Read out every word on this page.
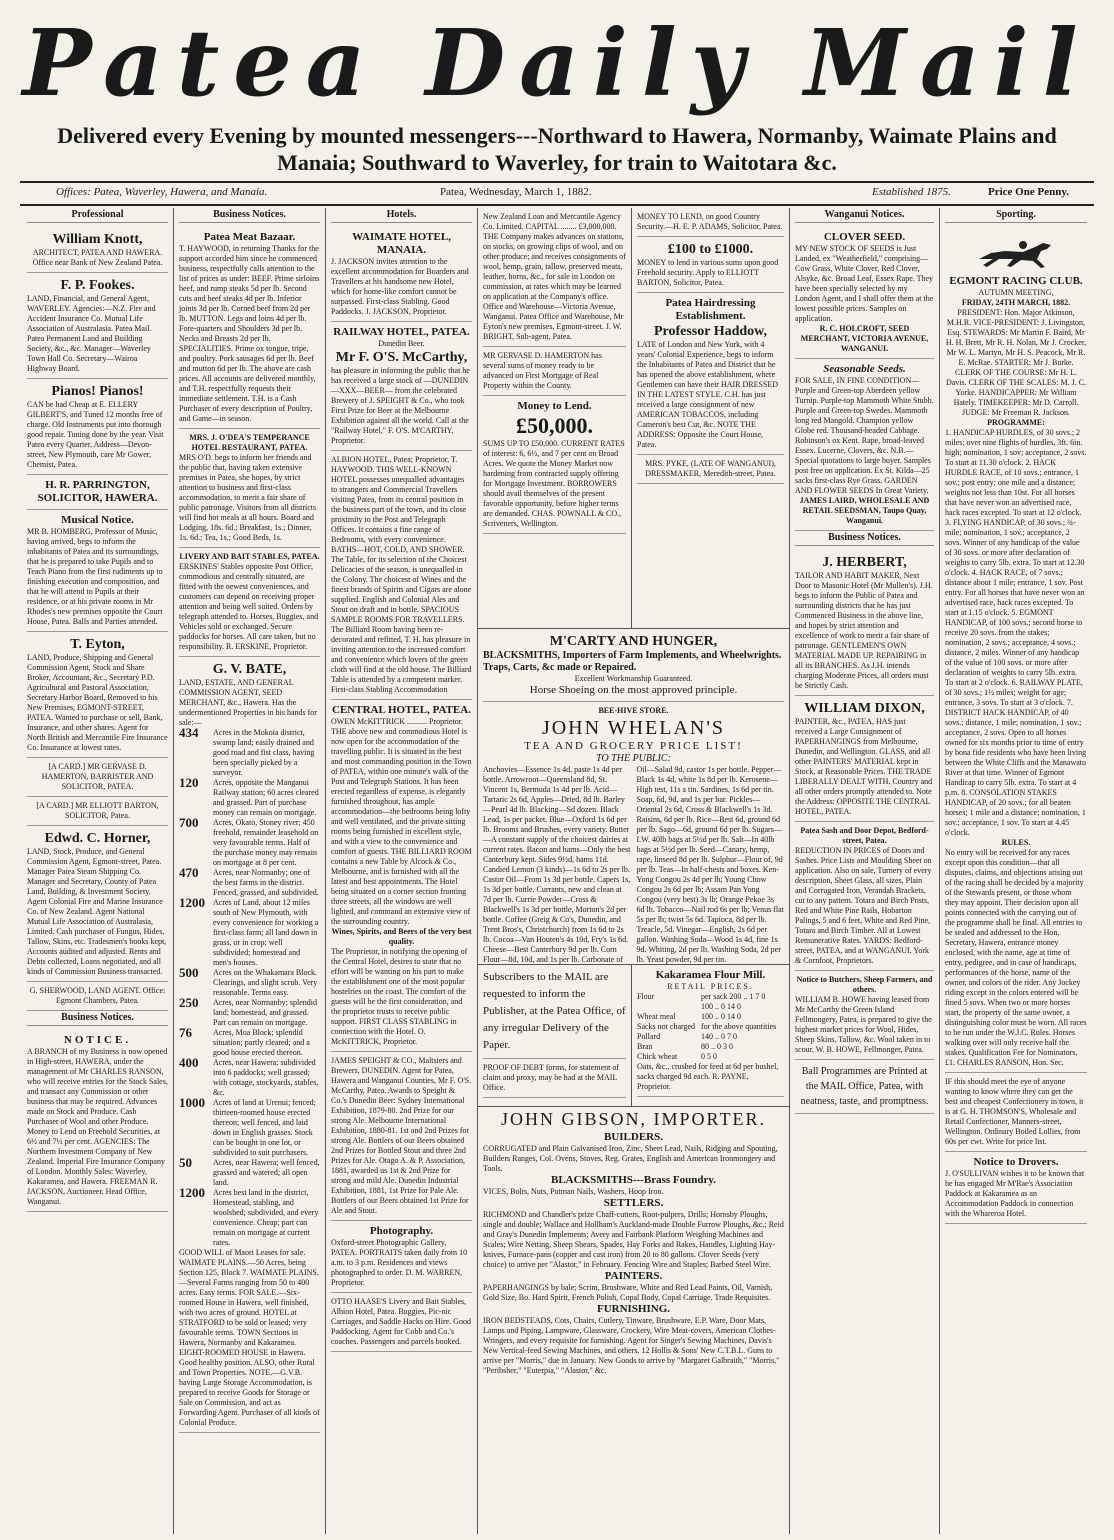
Patea Daily Mail

Delivered every Evening by mounted messengers---Northward to Hawera, Normanby, Waimate Plains and Manaia; Southward to Waverley, for train to Waitotara &c.

Offices: Patea, Waverley, Hawera, and Manaia.	Patea, Wednesday, March 1, 1882.	Established 1875.	Price One Penny.
Professional
William Knott,
ARCHITECT, PATEA AND HAWERA.
Office near Bank of New Zealand Patea.
F. P. Fookes.
LAND, Financial, and General Agent, WAVERLEY. Agencies:—N.Z. Fire and Accident Insurance Co. Mutual Life Association of Australasia. Patea Mail. Patea Permanent Land and Building Society, &c., &c. Manager—Waverley Town Hall Co. Secretary—Wairoa Highway Board.
Pianos! Pianos!
CAN be had Cheap at E. ELLERY GILBERT'S, and Tuned 12 months free of charge. Old Instruments put into thorough good repair. Tuning done by the year. Visit Patea every Quarter. Address—Devon-street, New Plymouth, care Mr Gower, Chemist, Patea.
H. R. PARRINGTON, SOLICITOR, HAWERA.
Musical Notice.
MR B. HOMBERG, Professor of Music, having arrived, begs to inform the inhabitants of Patea and its surroundings, that he is prepared to take Pupils and to Teach Piano from the first rudiments up to finishing execution and composition, and that he will attend to Pupils at their residence, or at his private rooms in Mr Rhodes's new premises opposite the Court House, Patea. Balls and Parties attended.
T. Eyton,
LAND, Produce, Shipping and General Commission Agent, Stock and Share Broker, Accountant, &c., Secretary P.D. Agricultural and Pastoral Association, Secretary Harbor Board, Removed to his New Premises, EGMONT-STREET, PATEA. Wanted to purchase or sell, Bank, Insurance, and other shares. Agent for North British and Mercantile Fire Insurance Co. Insurance at lowest rates.
[A CARD.] MR GERVASE D. HAMERTON, BARRISTER AND SOLICITOR, PATEA.
[A CARD.] MR ELLIOTT BARTON, SOLICITOR, Patea.
Edwd. C. Horner,
LAND, Stock, Produce, and General Commission Agent, Egmont-street, Patea. Manager Patea Steam Shipping Co. Manager and Secretary, County of Patea Land, Building, & Investment Society. Agent Colonial Fire and Marine Insurance Co. of New Zealand. Agent National Mutual Life Association of Australasia, Limited. Cash purchaser of Fungus, Hides, Tallow, Skins, etc. Tradesmen's books kept, Accounts audited and adjusted. Rents and Debts collected, Loans negotiated, and all kinds of Commission Business transacted.
G. SHERWOOD, LAND AGENT. Office: Egmont Chambers, Patea.
Business Notices.
NOTICE.
A BRANCH of my Business is now opened in High-street, HAWERA, under the management of Mr CHARLES RANSON, who will receive entries for the Stock Sales, and transact any Commission or other business that may be required. Advances made on Stock and Produce. Cash Purchaser of Wool and other Produce. Money to Lend on Freehold Securities, at 6½ and 7½ per cent. AGENCIES: The Northern Investment Company of New Zealand. Imperial Fire Insurance Company of London. Monthly Sales: Waverley, Kakaramea, and Hawera. FREEMAN R. JACKSON, Auctioneer. Head Office, Wanganui.
Business Notices.
Patea Meat Bazaar.
T. HAYWOOD, in returning Thanks for the support accorded him since he commenced business, respectfully calls attention to the list of prices as under: BEEF. Prime sirloins beef, and rump steaks 5d per lb. Second cuts and beef steaks 4d per lb. Inferior joints 3d per lb. Corned beef from 2d per lb. MUTTON. Legs and loins 4d per lb. Fore-quarters and Shoulders 3d per lb. Necks and Breasts 2d per lb. SPECIALITIES. Prime ox tongue, tripe, and poultry. Pork sausages 6d per lb. Beef and mutton 6d per lb. The above are cash prices. All accounts are delivered monthly, and T.H. respectfully requests their immediate settlement. T.H. is a Cash Purchaser of every description of Poultry, and Game—in season.
MRS. J. O'DEA'S TEMPERANCE HOTEL RESTAURANT, PATEA.
MRS O'D. begs to inform her friends and the public that, having taken extensive premises in Patea, she hopes, by strict attention to business and first-class accommodation, to merit a fair share of public patronage. Visitors from all districts will find hot meals at all hours. Board and Lodging, 18s. 6d.; Breakfast, 1s.; Dinner, 1s. 6d.; Tea, 1s.; Good Beds, 1s.
LIVERY AND BAIT STABLES, PATEA.
ERSKINES' Stables opposite Post Office, commodious and centrally situated, are fitted with the newest conveniences, and customers can depend on receiving proper attention and being well suited. Orders by telegraph attended to. Horses, Buggies, and Vehicles sold or exchanged. Secure paddocks for horses. All care taken, but no responsibility. R. ERSKINE, Proprietor.
G. V. BATE,
LAND, ESTATE, AND GENERAL COMMISSION AGENT, SEED MERCHANT, &c., Hawera. Has the undermentioned Properties in his hands for sale:—
434	Acres in the Mokoia district, swamp land; easily drained and good road and fist class, having been specially picked by a surveyor.
120	Acres, opposite the Manganui Railway station; 60 acres cleared and grassed. Part of purchase money can remain on mortgage.
700	Acres, Okato, Stoney river; 450 freehold, remainder leasehold on very favourable terms. Half of the purchase money may remain on mortgage at 8 per cent.
470	Acres, near Normanby; one of the best farms in the district. Fenced, grassed, and subdivided.
1200	Acres of Land, about 12 miles south of New Plymouth, with every convenience for working a first-class farm; all land down in grass, or in crop; well subdivided; homestead and men's houses.
500	Acres on the Whakamara Block. Clearings, and slight scrub. Very reasonable. Terms easy.
250	Acres, near Normanby; splendid land; homestead, and grassed. Part can remain on mortgage.
76	Acres, Moa Block; splendid situation; partly cleared; and a good house erected thereon.
400	Acres, near Hawera; subdivided into 6 paddocks; well grassed; with cottage, stockyards, stables, &c.
1000	Acres of land at Urenui; fenced; thirteen-roomed house erected thereon; well fenced, and laid down in English grasses. Stock can be bought in one lot, or subdivided to suit purchasers.
50	Acres, near Hawera; well fenced, grassed and watered; all open land.
1200	Acres best land in the district, Homestead, stabling, and woolshed; subdivided, and every convenience. Cheap; part can remain on mortgage at current rates.
GOOD WILL of Maori Leases for sale. WAIMATE PLAINS.—50 Acres, being Section 125, Block 7. WAIMATE PLAINS.—Several Farms ranging from 50 to 400 acres. Easy terms. FOR SALE.—Six-roomed House in Hawera, well finished, with two acres of ground. HOTEL at STRATFORD to be sold or leased; very favourable terms. TOWN Sections in Hawera, Normanby and Kakaramea. EIGHT-ROOMED HOUSE in Hawera. Good healthy position. ALSO, other Rural and Town Properties. NOTE.—G.V.B. having Large Storage Accommodation, is prepared to receive Goods for Storage or Sale on Commission, and act as Forwarding Agent. Purchaser of all kinds of Colonial Produce.
Hotels.
WAIMATE HOTEL, MANAIA.
J. JACKSON invites attention to the excellent accommodation for Boarders and Travellers at his handsome new Hotel, which for home-like comfort cannot be surpassed. First-class Stabling. Good Paddocks. J. JACKSON, Proprietor.
RAILWAY HOTEL, PATEA.
Dunedin Beer.
Mr F. O'S. McCarthy,
has pleasure in informing the public that he has received a large stock of —DUNEDIN—XXX—BEER— from the celebrated Brewery of J. SPEIGHT & Co., who took First Prize for Beer at the Melbourne Exhibition against all the world. Call at the "Railway Hotel," F. O'S. M'CARTHY, Proprietor.
ALBION HOTEL, Patea; Proprietor, T. HAYWOOD. THIS WELL-KNOWN HOTEL possesses unequalled advantages to strangers and Commercial Travellers visiting Patea, from its central position in the business part of the town, and its close proximity to the Post and Telegraph Offices. It contains a fine range of Bedrooms, with every convenience. BATHS—HOT, COLD, AND SHOWER. The Table, for its selection of the Choicest Delicacies of the season, is unequalled in the Colony. The choicest of Wines and the finest brands of Spirits and Cigars are alone supplied. English and Colonial Ales and Stout on draft and in bottle. SPACIOUS SAMPLE ROOMS FOR TRAVELLERS. The Billiard Room having been re-decorated and refitted, T. H. has pleasure in inviting attention to the increased comfort and convenience which lovers of the green cloth will find at the old house. The Billiard Table is attended by a competent marker. First-class Stabling Accommodation
CENTRAL HOTEL, PATEA.
OWEN McKITTRICK .......... Proprietor. THE above new and commodious Hotel is now open for the accommodation of the travelling public. It is situated in the best and most commanding position in the Town of PATEA, within one minute's walk of the Post and Telegraph Stations. It has been erected regardless of expense, is elegantly furnished throughout, has ample accommodation—the bedrooms being lofty and well ventilated, and the private sitting rooms being furnished in excellent style, and with a view to the convenience and comfort of guests. THE BILLIARD ROOM contains a new Table by Alcock & Co., Melbourne, and is furnished with all the latest and best appointments. The Hotel being situated on a corner section fronting three streets, all the windows are well lighted, and command an extensive view of the surrounding country.
Wines, Spirits, and Beers of the very best quality.
The Proprietor, in notifying the opening of the Central Hotel, desires to state that no effort will be wanting on his part to make the establishment one of the most popular hostelries on the coast. The comfort of the guests will be the first consideration, and the proprietor trusts to receive public support. FIRST CLASS STABLING in connection with the Hotel. O. McKITTRICK, Proprietor.
JAMES SPEIGHT & CO., Maltsters and Brewers, DUNEDIN. Agent for Patea, Hawera and Wanganui Counties, Mr F. O'S. McCarthy, Patea. Awards to Speight & Co.'s Dunedin Beer: Sydney International Exhibition, 1879-80. 2nd Prize for our strong Ale. Melbourne International Exhibition, 1880-81. 1st and 2nd Prizes for strong Ale. Bottlers of our Beers obtained 2nd Prizes for Bottled Stout and three 2nd Prizes for Ale. Otago A. & P. Association, 1881, awarded us 1st & 2nd Prize for strong and mild Ale. Dunedin Industrial Exhibition, 1881, 1st Prize for Pale Ale. Bottlers of our Beers obtained 1st Prize for Ale and Stout.
Photography.
Oxford-street Photographic Gallery, PATEA. PORTRAITS taken daily from 10 a.m. to 3 p.m. Residences and views photographed to order. D. M. WARREN, Proprietor.
OTTO HAASE'S Livery and Bait Stables, Albion Hotel, Patea. Buggies, Pic-nic Carriages, and Saddle Hacks on Hire. Good Paddocking. Agent for Cobb and Co.'s coaches. Passengers and parcels booked.
New Zealand Loan and Mercantile Agency Co. Limited. CAPITAL ........ £3,000,000. THE Company makes advances on stations, on stocks, on growing clips of wool, and on other produce; and receives consignments of wool, hemp, grain, tallow, preserved meats, leather, horns, &c., for sale in London on commission, at rates which may be learned on application at the Company's office. Office and Warehouse—Victoria Avenue, Wanganui. Patea Office and Warehouse, Mr Eyton's new premises, Egmont-street. J. W. BRIGHT, Sub-agent, Patea.
MR GERVASE D. HAMERTON has several sums of money ready to be advanced on First Mortgage of Real Property within the County.
Money to Lend.
£50,000.
SUMS UP TO £50,000. CURRENT RATES of interest: 6, 6½, and 7 per cent on Broad Acres. We quote the Money Market now hardening from contracted supply offering for Mortgage Investment. BORROWERS should avail themselves of the present favorable opportunity, before higher terms are demanded. CHAS. POWNALL & CO., Scriveners, Wellington.
MONEY TO LEND, on good Country Security.—H. E. P. ADAMS, Solicitor, Patea.
£100 to £1000.
MONEY to lend in various sums upon good Freehold security. Apply to ELLIOTT BARTON, Solicitor, Patea.
Patea Hairdressing Establishment.
Professor Haddow,
LATE of London and New York, with 4 years' Colonial Experience, begs to inform the Inhabitants of Patea and District that he has opened the above establishment, where Gentlemen can have their HAIR DRESSED IN THE LATEST STYLE. C.H. has just received a large consignment of new AMERICAN TOBACCOS, including Cameron's best Cut, &c. NOTE THE ADDRESS: Opposite the Court House, Patea.
MRS. PYKE, (LATE OF WANGANUI), DRESSMAKER, Meredith-street, Patea.
M'CARTY AND HUNGER,
BLACKSMITHS, Importers of Farm Implements, and Wheelwrights. Traps, Carts, &c made or Repaired.
Excellent Workmanship Guaranteed.
Horse Shoeing on the most approved principle.
BEE-HIVE STORE.
JOHN WHELAN'S
TEA AND GROCERY PRICE LIST!
TO THE PUBLIC:
Anchovies—Essence 1s 4d, paste 1s 4d per bottle. Arrowroot—Queensland 8d, St. Vincent 1s, Bermuda 1s 4d per lb. Acid—Tartaric 2s 6d, Apples—Dried, 8d lb. Barley—Pearl 4d lb. Blacking—Sd dozen. Black Lead, 1s per packet. Blue—Oxford 1s 6d per lb. Brooms and Brushes, every variety. Butter—A constant supply of the choicest dairies at current rates. Bacon and hams—Only the best Canterbury kept. Sides 9½d, hams 11d. Candied Lemon (3 kinds)—1s 6d to 2s per lb. Castor Oil—From 1s 3d per bottle. Capers 1s, 1s 3d per bottle. Currants, new and clean at 7d per lb. Currie Powder—Cross & Blackwell's 1s 3d per bottle, Morton's 2d per bottle. Coffee (Greig & Co's, Dunedin, and Trent Bros's, Christchurch) from 1s 6d to 2s lb. Cocoa—Van Houten's 4s 10d, Fry's 1s 6d. Cheese—Best Canterbury 9d per lb. Corn Flour—8d, 10d, and 1s per lb. Carbonate of
Oil—Salad 9d, castor 1s per bottle. Pepper—Black 1s 4d, white 1s 8d per lb. Kerosene—High test, 11s a tin. Sardines, 1s 6d per tin. Soap, 6d, 9d, and 1s per bar. Pickles—Oriental 2s 6d, Cross & Blackwell's 1s 3d. Raisins, 6d per lb. Rice—Best 6d, ground 6d per lb. Sago—6d, ground 6d per lb. Sugars—I.W. 40lb bags at 5½d per lb. Salt—In 40lb bags at 5½d per lb. Seed—Canary, hemp, rape, linseed 8d per lb. Sulphur—Flour of, 9d per lb. Teas—In half-chests and boxes. Ken-Yong Congou 2s 4d per lb; Young Chow Congou 2s 6d per lb; Assam Pan Yong Congou (very best) 3s lb; Orange Pekoe 3s 6d lb. Tobacco—Nail rod 6s per lb; Venus flat 5s per lb; twist 5s 6d. Tapioca, 8d per lb. Treacle, 5d. Vinegar—English, 2s 6d per gallon. Washing Soda—Wood 1s 4d, fine 1s 9d. Whiting, 2d per lb. Washing Soda, 2d per lb. Yeast powder, 9d per tin.
Subscribers to the MAIL are requested to inform the Publisher, at the Patea Office, of any irregular Delivery of the Paper.
PROOF OF DEBT forms, for statement of claim and proxy, may be had at the MAIL Office.
Kakaramea Flour Mill.
RETAIL PRICES.
Flour	per sack 200 .. 1 7 0
	100 .. 0 14 0
Wheat meal	100 .. 0 14 0
Sacks not charged	for the above quantities
Pollard	140 .. 0 7 0
Bran	80 .. 0 3 0
Chick wheat	0 5 0
Oats, &c., crushed for feed at 6d per bushel, sacks charged 9d each. R. PAYNE, Proprietor.
JOHN GIBSON, IMPORTER.
BUILDERS.
CORRUGATED and Plain Galvanised Iron, Zinc, Sheet Lead, Nails, Ridging and Spouting, Builders Ranges, Col. Ovens, Stoves, Reg. Grates, English and American Ironmongery and Tools.
BLACKSMITHS---Brass Foundry.
VICES, Bolts, Nuts, Putman Nails, Washers, Hoop Iron.
SETTLERS.
RICHMOND and Chandler's prize Chaff-cutters, Root-pulpers, Drills; Hornsby Ploughs, single and double; Wallace and Hollham's Auckland-made Double Furrow Ploughs, &c.; Reid and Gray's Dunedin Implements; Avery and Fairbank Platform Weighing Machines and Scales; Wire Netting, Sheep Shears, Spades, Hay Forks and Rakes, Handles, Lighting Hay-knives, Furnace-pans (copper and cast iron) from 20 to 80 gallons. Clover Seeds (very choice) to arrive per "Alastor," in February. Fencing Wire and Staples; Barbed Steel Wire.
PAINTERS.
PAPERHANGINGS by bale; Scrim, Brushware, White and Red Lead Paints, Oil, Varnish, Gold Size, Bo. Hard Spirit, French Polish, Copal Body, Copal Carriage. Trade Requisites.
FURNISHING.
IRON BEDSTEADS, Cots, Chairs, Cutlery, Tinware, Brushware, E.P. Ware, Door Mats, Lamps and Piping, Lampware, Glassware, Crockery, Wire Meat-covers, American Clothes-Wringers, and every requisite for furnishing. Agent for Singer's Sewing Machines, Davis's New Vertical-feed Sewing Machines, and others. 12 Hollis & Sons' New C.T.B.L. Guns to arrive per "Morris," due in January. New Goods to arrive by "Margaret Galbraith," "Morris," "Peribsher," "Euterpia," "Alastor," &c.
Wanganui Notices.
CLOVER SEED.
MY NEW STOCK OF SEEDS is Just Landed, ex "Weatherfield," comprising— Cow Grass, White Clover, Red Clover, Alsyke, &c. Broad Leaf, Essex Rape. They have been specially selected by my London Agent, and I shall offer them at the lowest possible prices. Samples on application.
R. C. HOLCROFT, SEED MERCHANT, VICTORIA AVENUE, WANGANUI.
Seasonable Seeds.
FOR SALE, IN FINE CONDITION— Purple and Green-top Aberdeen yellow Turnip. Purple-top Mammoth White Stubb. Purple and Green-top Swedes. Mammoth long red Mangold. Champion yellow Globe red. Thousand-headed Cabbage. Robinson's ox Kent. Rape, broad-leaved Essex. Lucerne, Clovers, &c. N.B.—Special quotations to large buyer. Samples post free on application. Ex St. Kilda—25 sacks first-class Rye Grass. GARDEN AND FLOWER SEEDS In Great Variety.
JAMES LAIRD, WHOLESALE AND RETAIL SEEDSMAN, Taupo Quay, Wanganui.
Business Notices.
J. HERBERT,
TAILOR AND HABIT MAKER, Next Door to Masonic Hotel (Mr Mullen's). J.H. begs to inform the Public of Patea and surrounding districts that he has just Commenced Business in the above line, and hopes by strict attention and excellence of work to merit a fair share of patronage. GENTLEMEN'S OWN MATERIAL MADE UP. REPAIRING in all its BRANCHES. As J.H. intends charging Moderate Prices, all orders must be Strictly Cash.
WILLIAM DIXON,
PAINTER, &c., PATEA, HAS just received a Large Consignment of PAPERHANGINGS from Melbourne, Dunedin, and Wellington. GLASS, and all other PAINTERS' MATERIAL kept in Stock, at Reasonable Prices. THE TRADE LIBERALLY DEALT WITH. Country and all other orders promptly attended to. Note the Address: OPPOSITE THE CENTRAL HOTEL, PATEA.
Patea Sash and Door Depot, Bedford-street, Patea.
REDUCTION IN PRICES of Doors and Sashes. Price Lists and Moulding Sheet on application. Also on sale, Turnery of every description, Sheet Glass, all sizes, Plain and Corrugated Iron, Verandah Brackets, cut to any pattern. Totara and Birch Posts, Red and White Pine Rails, Hobarton Palings, 5 and 6 feet, White and Red Pine, Totara and Birch Timber. All at Lowest Remunerative Rates. YARDS: Bedford-street, PATEA, and at WANGANUI. York & Cornfoot, Proprietors.
Notice to Butchers, Sheep Farmers, and others.
WILLIAM B. HOWE having leased from Mr McCarthy the Green Island Fellmongery, Patea, is prepared to give the highest market prices for Wool, Hides, Sheep Skins, Tallow, &c. Wool taken in to scour. W. B. HOWE, Fellmonger, Patea.
Ball Programmes are Printed at the MAIL Office, Patea, with neatness, taste, and promptness.
Sporting.
EGMONT RACING CLUB.
AUTUMN MEETING,
FRIDAY, 24TH MARCH, 1882.
PRESIDENT: Hon. Major Atkinson, M.H.R. VICE-PRESIDENT: J. Livingston, Esq. STEWARDS: Mr Martin F. Baird, Mr H. H. Brett, Mr R. H. Nolan, Mr J. Crocker, Mr W. L. Martyn, Mr H. S. Peacock, Mr R. E. McRae. STARTER: Mr J. Burke. CLERK OF THE COURSE: Mr H. L. Davis. CLERK OF THE SCALES: M. J. C. Yorke. HANDICAPPER: Mr William Hately. TIMEKEEPER: Mr D. Carroll. JUDGE: Mr Freeman R. Jackson.
PROGRAMME:
1. HANDICAP HURDLES, of 30 sovs.; 2 miles; over nine flights of hurdles, 3ft. 6in. high; nomination, 1 sov; acceptance, 2 sovs. To start at 11.30 o'clock. 2. HACK HURDLE RACE, of 10 sovs.; entrance, 1 sov.; post entry; one mile and a distance; weights not less than 10st. For all horses that have never won an advertised race, hack races excepted. To start at 12 o'clock. 3. FLYING HANDICAP, of 30 sovs.; ¾-mile; nomination, 1 sov.; acceptance, 2 sovs. Winner of any handicap of the value of 30 sovs. or more after declaration of weights to carry 5lb. extra. To start at 12.30 o'clock. 4. HACK RACE, of 7 sovs.; distance about 1 mile; entrance, 1 sov. Post entry. For all horses that have never won an advertised race, hack races excepted. To start at 1.15 o'clock. 5. EGMONT HANDICAP, of 100 sovs.; second horse to receive 20 sovs. from the stakes; nomination, 2 sovs.; acceptance, 4 sovs.; distance, 2 miles. Winner of any handicap of the value of 100 sovs. or more after declaration of weights to carry 5lb. extra. To start at 2 o'clock. 6. RAILWAY PLATE, of 30 sovs.; 1½ miles; weight for age; entrance, 3 sovs. To start at 3 o'clock. 7. DISTRICT HACK HANDICAP, of 40 sovs.; distance, 1 mile; nomination, 1 sov.; acceptance, 2 sovs. Open to all horses owned for six months prior to time of entry by bona fide residents who have been living between the White Cliffs and the Manawatu River at that time. Winner of Egmont Handicap to carry 5lb. extra. To start at 4 p.m. 8. CONSOLATION STAKES HANDICAP, of 20 sovs.; for all beaten horses; 1 mile and a distance; nomination, 1 sov.; acceptance, 1 sov. To start at 4.45 o'clock.
RULES.
No entry will be received for any races except upon this condition—that all disputes, claims, and objections arising out of the racing shall be decided by a majority of the Stewards present, or those whom they may appoint. Their decision upon all points connected with the carrying out of the programme shall be final. All entries to be sealed and addressed to the Hon. Secretary, Hawera, entrance money enclosed, with the name, age at time of entry, pedigree, and in case of handicaps, performances of the horse, name of the owner, and colors of the rider. Any Jockey riding except in the colors entered will be fined 5 sovs. When two or more horses start, the property of the same owner, a distinguishing color must be worn. All races to be run under the W.J.C. Rules. Horses walking over will only receive half the stakes. Qualification Fee for Nominators, £1. CHARLES RANSON, Hon. Sec.
IF this should meet the eye of anyone wanting to know where they can get the best and cheapest Confectionery in town, it is at G. H. THOMSON'S, Wholesale and Retail Confectioner, Manners-street, Wellington. Ordinary Boiled Lollies, from 60s per cwt. Write for price list.
Notice to Drovers.
J. O'SULLIVAN wishes it to be known that he has engaged Mr M'Rae's Association Paddock at Kakaramea as an Accommodation Paddock in connection with the Whareroa Hotel.
